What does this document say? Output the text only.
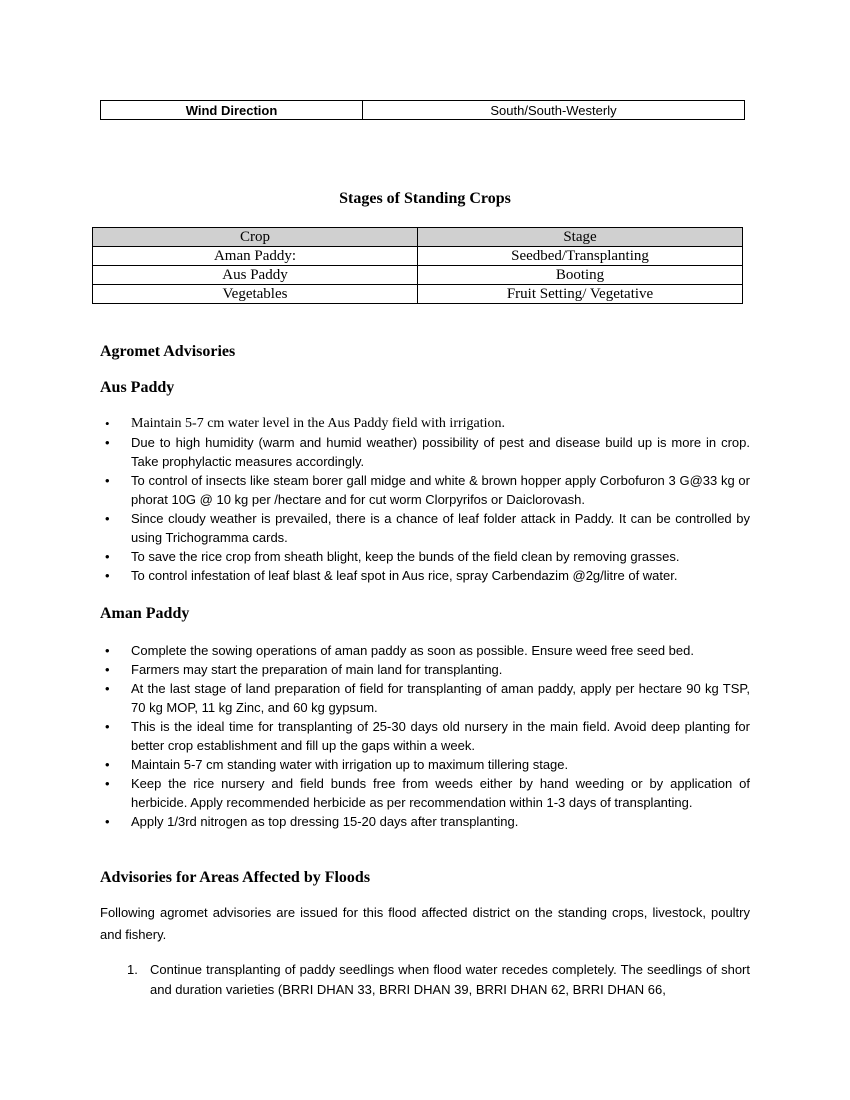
Wind Direction	South/South-Westerly
Stages of Standing Crops
Crop	Stage
Aman Paddy:	Seedbed/Transplanting
Aus Paddy	Booting
Vegetables	Fruit Setting/ Vegetative
Agromet Advisories
Aus Paddy
• Maintain 5-7 cm water level in the Aus Paddy field with irrigation.
• Due to high humidity (warm and humid weather) possibility of pest and disease build up is more in crop. Take prophylactic measures accordingly.
• To control of insects like steam borer gall midge and white & brown hopper apply Corbofuron 3 G@33 kg or phorat 10G @ 10 kg per /hectare and for cut worm Clorpyrifos or Daiclorovash.
• Since cloudy weather is prevailed, there is a chance of leaf folder attack in Paddy. It can be controlled by using Trichogramma cards.
• To save the rice crop from sheath blight, keep the bunds of the field clean by removing grasses.
• To control infestation of leaf blast & leaf spot in Aus rice, spray Carbendazim @2g/litre of water.
Aman Paddy
• Complete the sowing operations of aman paddy as soon as possible. Ensure weed free seed bed.
• Farmers may start the preparation of main land for transplanting.
• At the last stage of land preparation of field for transplanting of aman paddy, apply per hectare 90 kg TSP, 70 kg MOP, 11 kg Zinc, and 60 kg gypsum.
• This is the ideal time for transplanting of 25-30 days old nursery in the main field. Avoid deep planting for better crop establishment and fill up the gaps within a week.
• Maintain 5-7 cm standing water with irrigation up to maximum tillering stage.
• Keep the rice nursery and field bunds free from weeds either by hand weeding or by application of herbicide. Apply recommended herbicide as per recommendation within 1-3 days of transplanting.
• Apply 1/3rd nitrogen as top dressing 15-20 days after transplanting.
Advisories for Areas Affected by Floods
Following agromet advisories are issued for this flood affected district on the standing crops, livestock, poultry and fishery.
1. Continue transplanting of paddy seedlings when flood water recedes completely. The seedlings of short and duration varieties (BRRI DHAN 33, BRRI DHAN 39, BRRI DHAN 62, BRRI DHAN 66,
